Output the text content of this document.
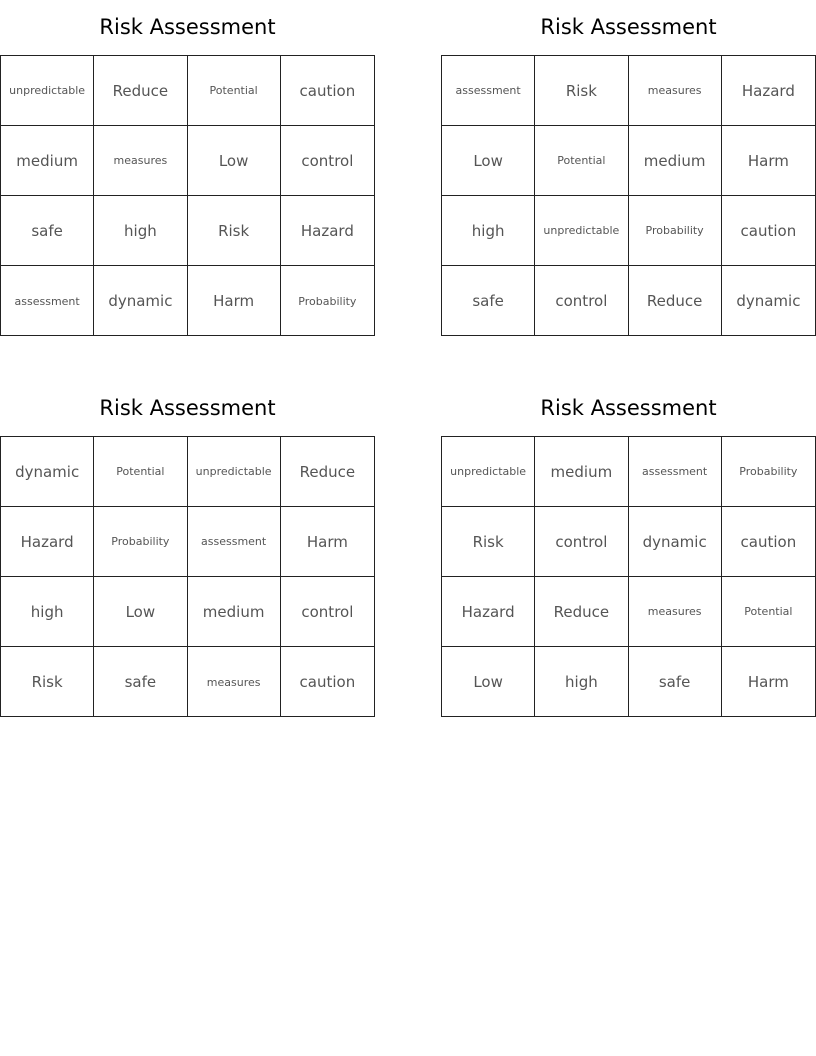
Risk Assessment
unpredictable	Reduce	Potential	caution
medium	measures	Low	control
safe	high	Risk	Hazard
assessment	dynamic	Harm	Probability
Risk Assessment
assessment	Risk	measures	Hazard
Low	Potential	medium	Harm
high	unpredictable	Probability	caution
safe	control	Reduce	dynamic
Risk Assessment
dynamic	Potential	unpredictable	Reduce
Hazard	Probability	assessment	Harm
high	Low	medium	control
Risk	safe	measures	caution
Risk Assessment
unpredictable	medium	assessment	Probability
Risk	control	dynamic	caution
Hazard	Reduce	measures	Potential
Low	high	safe	Harm
